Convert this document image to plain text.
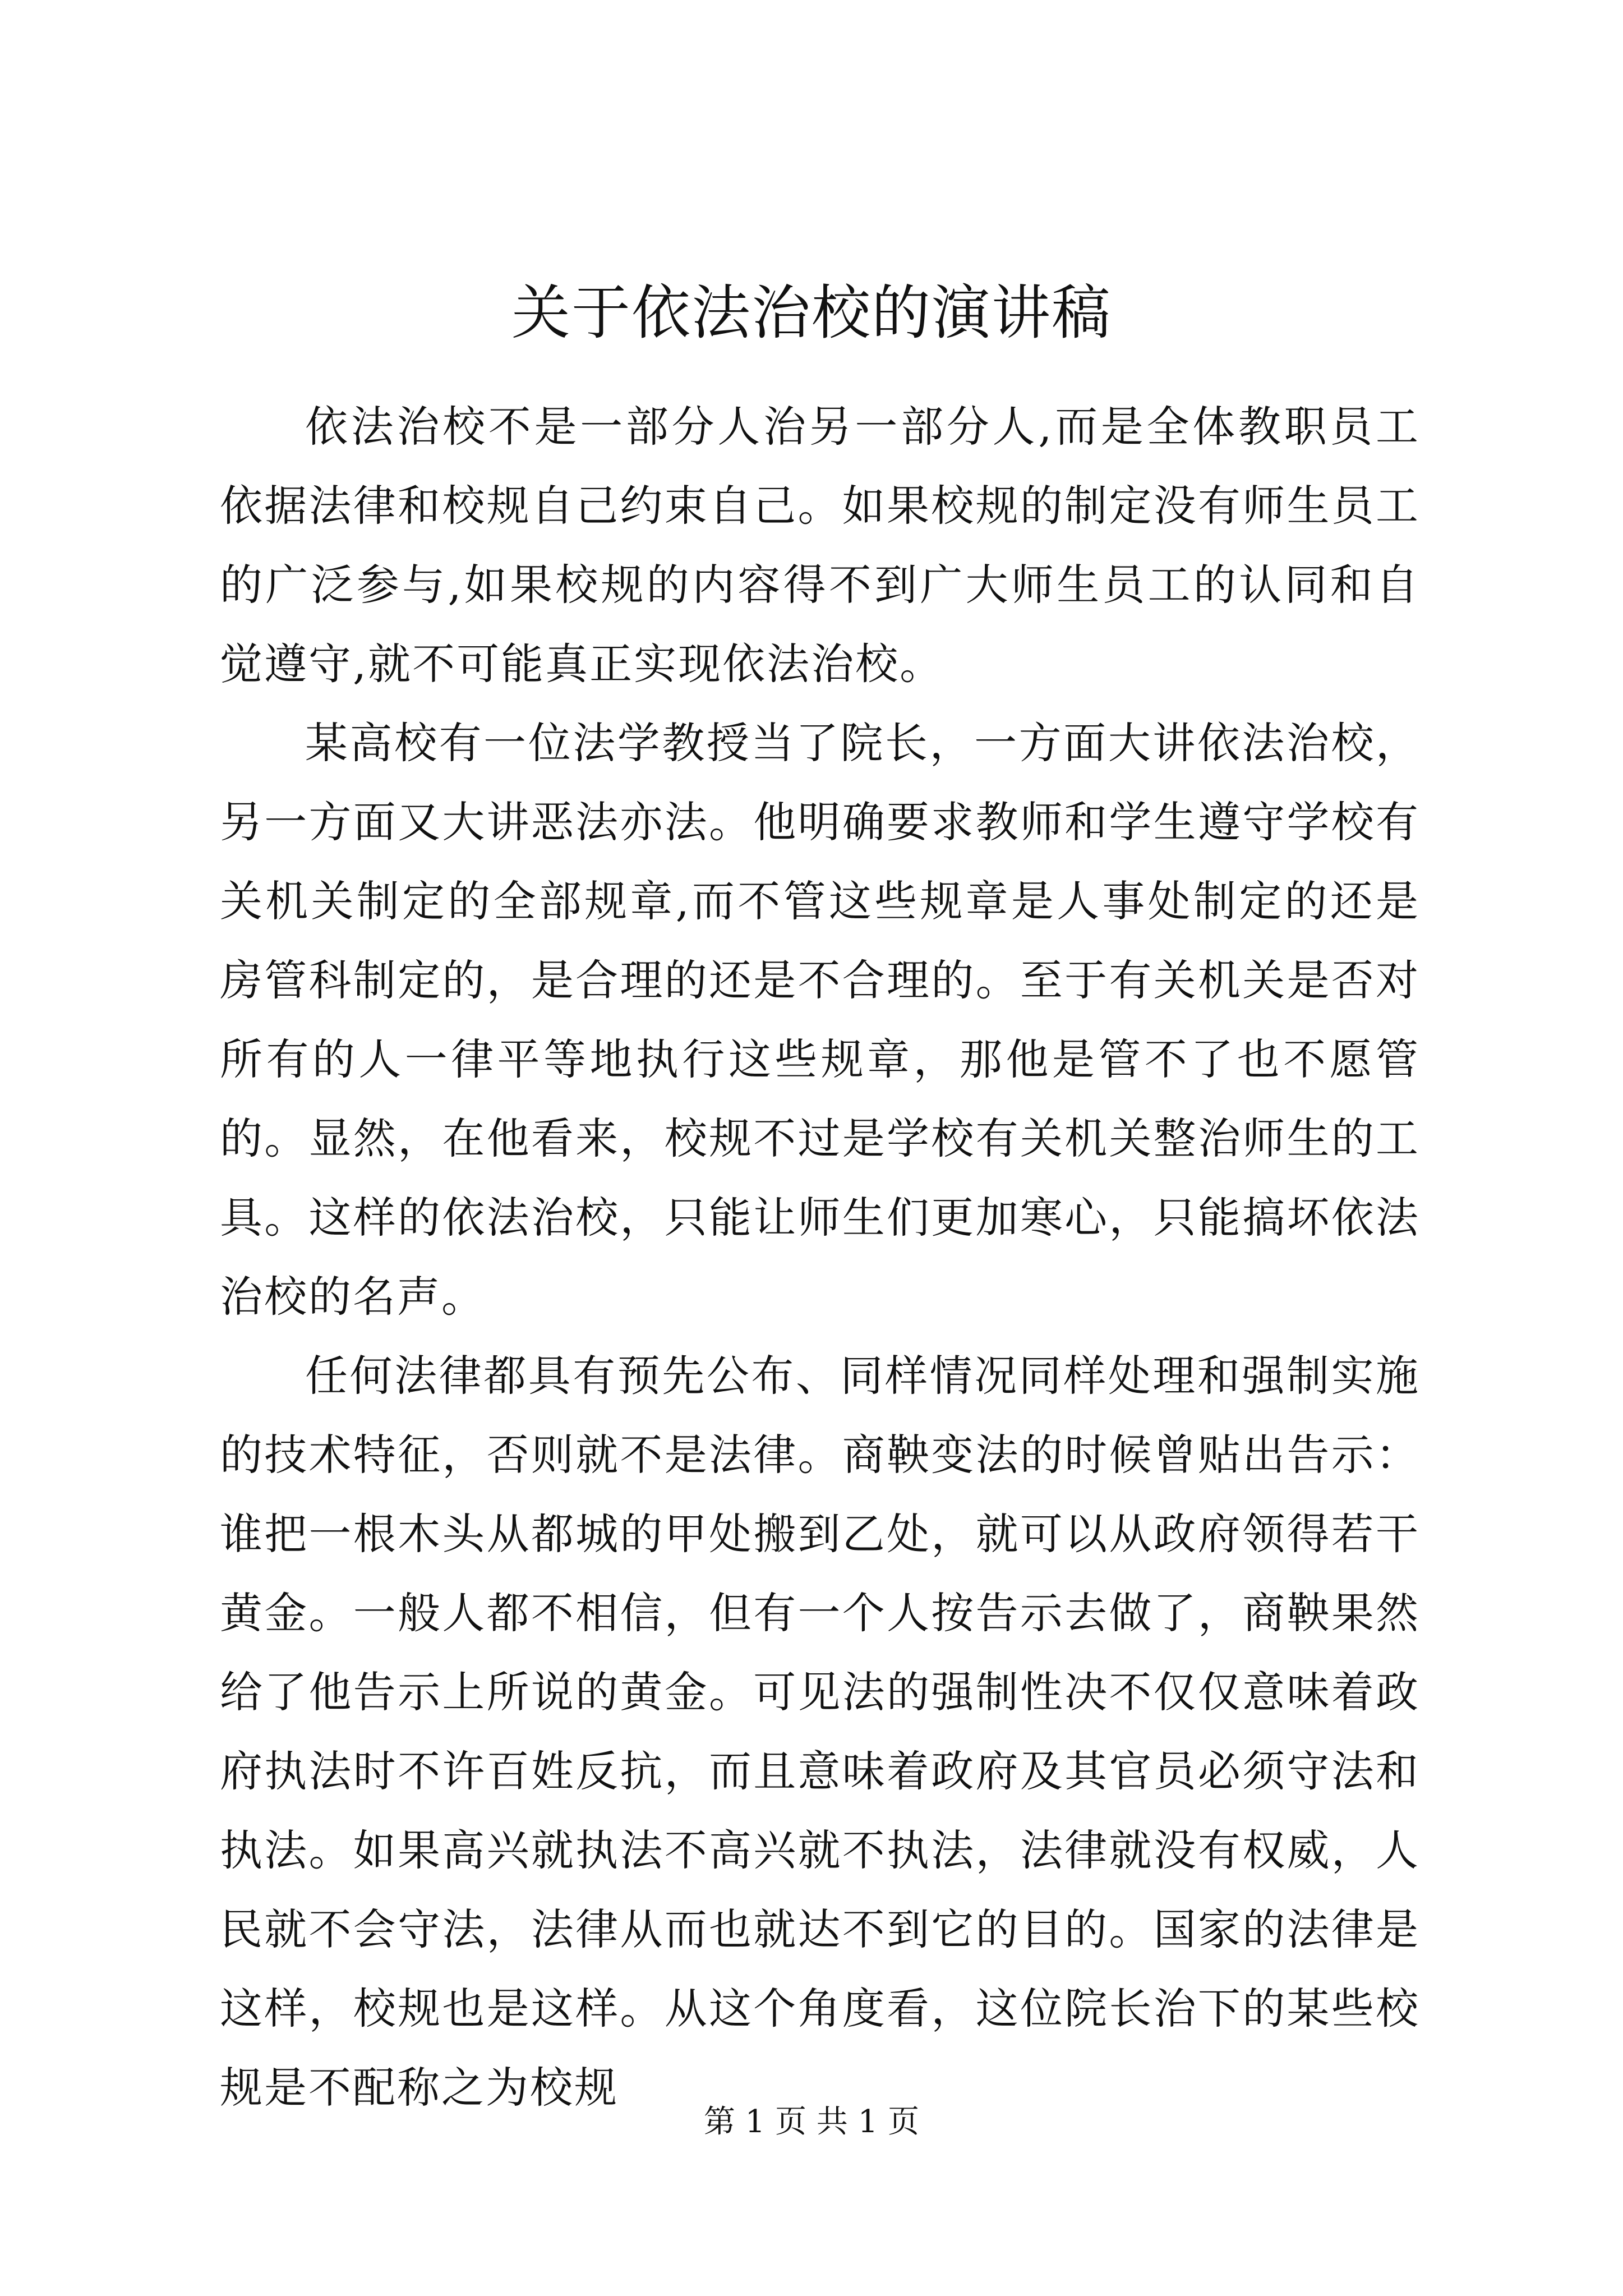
关于依法治校的演讲稿

依法治校不是一部分人治另一部分人,而是全体教职员工依据法律和校规自己约束自己。如果校规的制定没有师生员工的广泛参与,如果校规的内容得不到广大师生员工的认同和自觉遵守,就不可能真正实现依法治校。

某高校有一位法学教授当了院长，一方面大讲依法治校，另一方面又大讲恶法亦法。他明确要求教师和学生遵守学校有关机关制定的全部规章,而不管这些规章是人事处制定的还是房管科制定的，是合理的还是不合理的。至于有关机关是否对所有的人一律平等地执行这些规章，那他是管不了也不愿管的。显然，在他看来，校规不过是学校有关机关整治师生的工具。这样的依法治校，只能让师生们更加寒心，只能搞坏依法治校的名声。

任何法律都具有预先公布、同样情况同样处理和强制实施的技术特征，否则就不是法律。商鞅变法的时候曾贴出告示：谁把一根木头从都城的甲处搬到乙处，就可以从政府领得若干黄金。一般人都不相信，但有一个人按告示去做了，商鞅果然给了他告示上所说的黄金。可见法的强制性决不仅仅意味着政府执法时不许百姓反抗，而且意味着政府及其官员必须守法和执法。如果高兴就执法不高兴就不执法，法律就没有权威，人民就不会守法，法律从而也就达不到它的目的。国家的法律是这样，校规也是这样。从这个角度看，这位院长治下的某些校规是不配称之为校规

第 1 页 共 1 页
